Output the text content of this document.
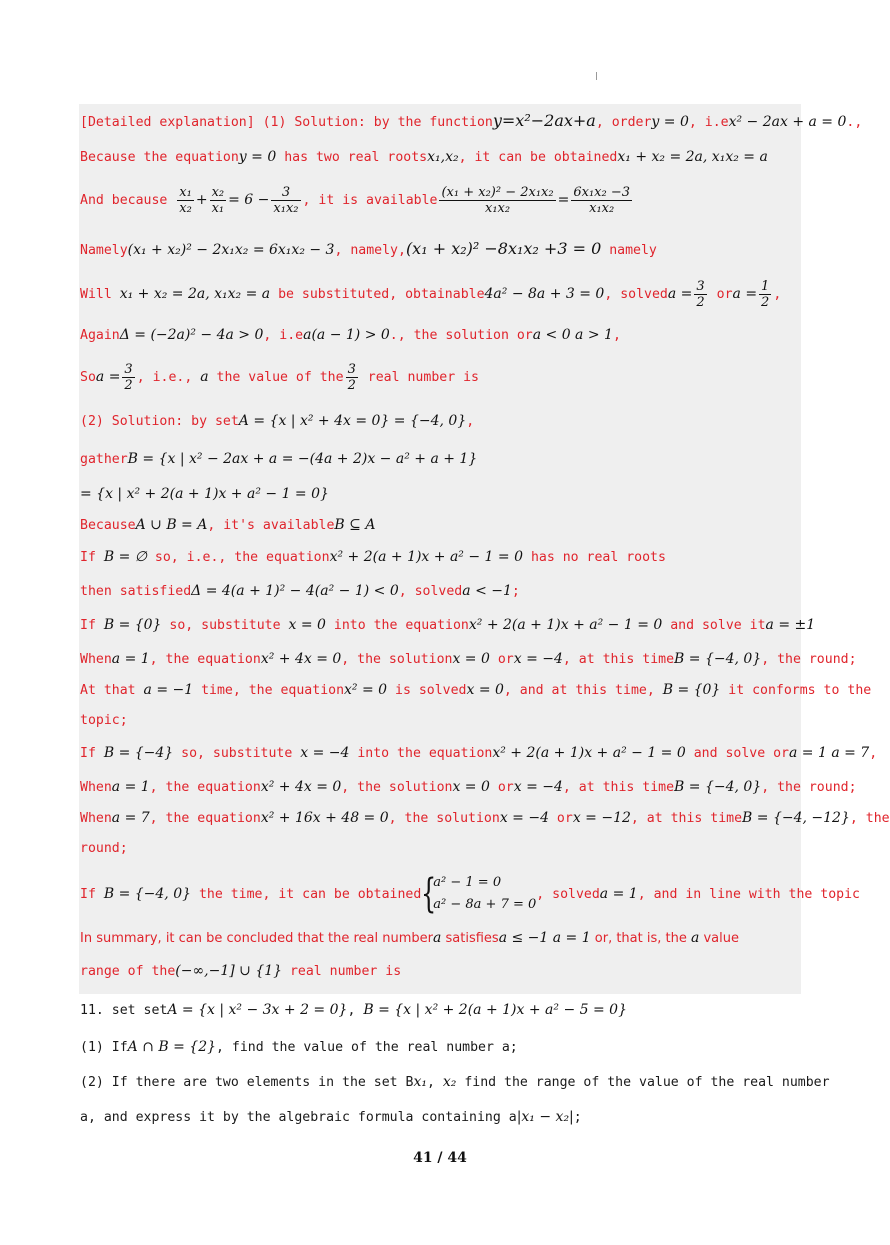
[Detailed explanation] (1) Solution: by the functiony=x²−2ax+a, ordery = 0, i.ex² − 2ax + a = 0.,
Because the equationy = 0 has two real rootsx₁,x₂, it can be obtainedx₁ + x₂ = 2a, x₁x₂ = a
And because $\frac{\text{x₁}}{\text{x₂}} + \frac{\text{x₂}}{\text{x₁}} = 6 - \frac{3}{\text{x₁x₂}}$ , it is available $\frac{\text{(x₁ + x₂)² − 2x₁x₂}}{\text{x₁x₂}} = \frac{\text{6x₁x₂ −3}}{\text{x₁x₂}}$
Namely(x₁ + x₂)² − 2x₁x₂ = 6x₁x₂ − 3, namely,(x₁ + x₂)² −8x₁x₂ +3 = 0 namely
Will x₁ + x₂ = 2a, x₁x₂ = a be substituted, obtainable4a² − 8a + 3 = 0, solveda = $\frac{3}{2}$ ora = $\frac{1}{2}$ ,
AgainΔ = (−2a)² − 4a > 0, i.ea(a − 1) > 0., the solution ora < 0 a > 1,
Soa = $\frac{3}{2}$ , i.e., a the value of the $\frac{3}{2}$ real number is
(2) Solution: by setA = {x | x² + 4x = 0} = {−4, 0},
gatherB = {x | x² − 2ax + a = −(4a + 2)x − a² + a + 1}
= {x | x² + 2(a + 1)x + a² − 1 = 0}
BecauseA ∪ B = A, it's availableB ⊆ A
If B = ∅ so, i.e., the equationx² + 2(a + 1)x + a² − 1 = 0 has no real roots
then satisfiedΔ = 4(a + 1)² − 4(a² − 1) < 0, solveda < −1;
If B = {0} so, substitute x = 0 into the equationx² + 2(a + 1)x + a² − 1 = 0 and solve ita = ±1
Whena = 1, the equationx² + 4x = 0, the solutionx = 0 orx = −4, at this timeB = {−4, 0}, the round;
At that a = −1 time, the equationx² = 0 is solvedx = 0, and at this time, B = {0} it conforms to the
topic;
If B = {−4} so, substitute x = −4 into the equationx² + 2(a + 1)x + a² − 1 = 0 and solve ora = 1 a = 7,
Whena = 1, the equationx² + 4x = 0, the solutionx = 0 orx = −4, at this timeB = {−4, 0}, the round;
Whena = 7, the equationx² + 16x + 48 = 0, the solutionx = −4 orx = −12, at this timeB = {−4, −12}, the
round;
If B = {−4, 0} the time, it can be obtained {
a² − 1 = 0
a² − 8a + 7 = 0
, solveda = 1, and in line with the topic
In summary, it can be concluded that the real numbera satisfiesa ≤ −1 a = 1 or, that is, the a value
range of the(−∞,−1] ∪ {1} real number is
11. set setA = {x | x² − 3x + 2 = 0}, B = {x | x² + 2(a + 1)x + a² − 5 = 0}
(1) IfA ∩ B = {2}, find the value of the real number a;
(2) If there are two elements in the set Bx₁, x₂ find the range of the value of the real number
a, and express it by the algebraic formula containing a|x₁ − x₂|;
41 / 44
